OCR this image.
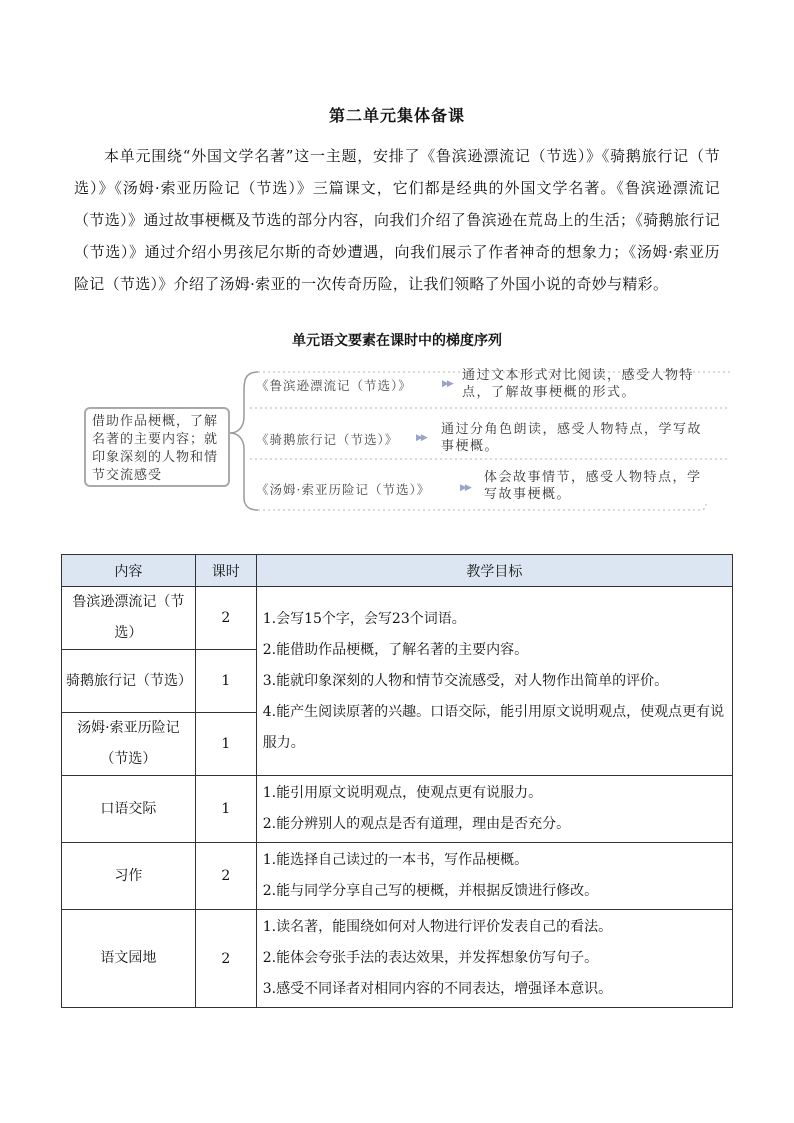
第二单元集体备课

本单元围绕“外国文学名著”这一主题，安排了《鲁滨逊漂流记（节选）》《骑鹅旅行记（节选）》《汤姆·索亚历险记（节选）》三篇课文，它们都是经典的外国文学名著。《鲁滨逊漂流记（节选）》通过故事梗概及节选的部分内容，向我们介绍了鲁滨逊在荒岛上的生活；《骑鹅旅行记（节选）》通过介绍小男孩尼尔斯的奇妙遭遇，向我们展示了作者神奇的想象力；《汤姆·索亚历险记（节选）》介绍了汤姆·索亚的一次传奇历险，让我们领略了外国小说的奇妙与精彩。

单元语文要素在课时中的梯度序列
借助作品梗概，了解名著的主要内容；就印象深刻的人物和情节交流感受
《鲁滨逊漂流记（节选）》	▶▶
通过文本形式对比阅读，感受人物特点，了解故事梗概的形式。
《骑鹅旅行记（节选）》 ▶▶
通过分角色朗读，感受人物特点，学写故事梗概。
《汤姆·索亚历险记（节选）》	▶▶
体会故事情节，感受人物特点，学写故事梗概。
内容	课时	教学目标
鲁滨逊漂流记（节选）	2	1.会写15个字，会写23个词语。
2.能借助作品梗概，了解名著的主要内容。
3.能就印象深刻的人物和情节交流感受，对人物作出简单的评价。
4.能产生阅读原著的兴趣。口语交际，能引用原文说明观点，使观点更有说服力。

骑鹅旅行记（节选）	1	
汤姆·索亚历险记（节选）	1	
口语交际	1	1.能引用原文说明观点，使观点更有说服力。
2.能分辨别人的观点是否有道理，理由是否充分。

习作	2	1.能选择自己读过的一本书，写作品梗概。
2.能与同学分享自己写的梗概，并根据反馈进行修改。

语文园地	2	1.读名著，能围绕如何对人物进行评价发表自己的看法。
2.能体会夸张手法的表达效果，并发挥想象仿写句子。
3.感受不同译者对相同内容的不同表达，增强译本意识。
